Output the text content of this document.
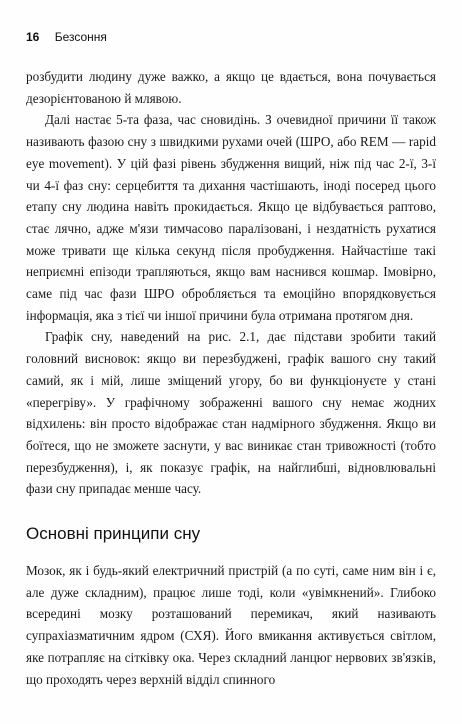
16 Безсоння

розбудити людину дуже важко, а якщо це вдається, вона почувається дезорієнтованою й млявою.

Далі настає 5-та фаза, час сновидінь. З очевидної причини її також називають фазою сну з швидкими рухами очей (ШРО, або REM — rapid eye movement). У цій фазі рівень збудження вищий, ніж під час 2-ї, 3-ї чи 4-ї фаз сну: серцебиття та дихання частішають, іноді посеред цього етапу сну людина навіть прокидається. Якщо це відбувається раптово, стає лячно, адже м'язи тимчасово паралізовані, і нездатність рухатися може тривати ще кілька секунд після пробудження. Найчастіше такі неприємні епізоди трапляються, якщо вам наснився кошмар. Імовірно, саме під час фази ШРО обробляється та емоційно впорядковується інформація, яка з тієї чи іншої причини була отримана протягом дня.

Графік сну, наведений на рис. 2.1, дає підстави зробити такий головний висновок: якщо ви перезбуджені, графік вашого сну такий самий, як і мій, лише зміщений угору, бо ви функціонуєте у стані «перегріву». У графічному зображенні вашого сну немає жодних відхилень: він просто відображає стан надмірного збудження. Якщо ви боїтеся, що не зможете заснути, у вас виникає стан тривожності (тобто перезбудження), і, як показує графік, на найглибші, відновлювальні фази сну припадає менше часу.

Основні принципи сну

Мозок, як і будь-який електричний пристрій (а по суті, саме ним він і є, але дуже складним), працює лише тоді, коли «увімкнений». Глибоко всередині мозку розташований перемикач, який називають супрахіазматичним ядром (СХЯ). Його вмикання активується світлом, яке потрапляє на сітківку ока. Через складний ланцюг нервових зв'язків, що проходять через верхній відділ спинного
